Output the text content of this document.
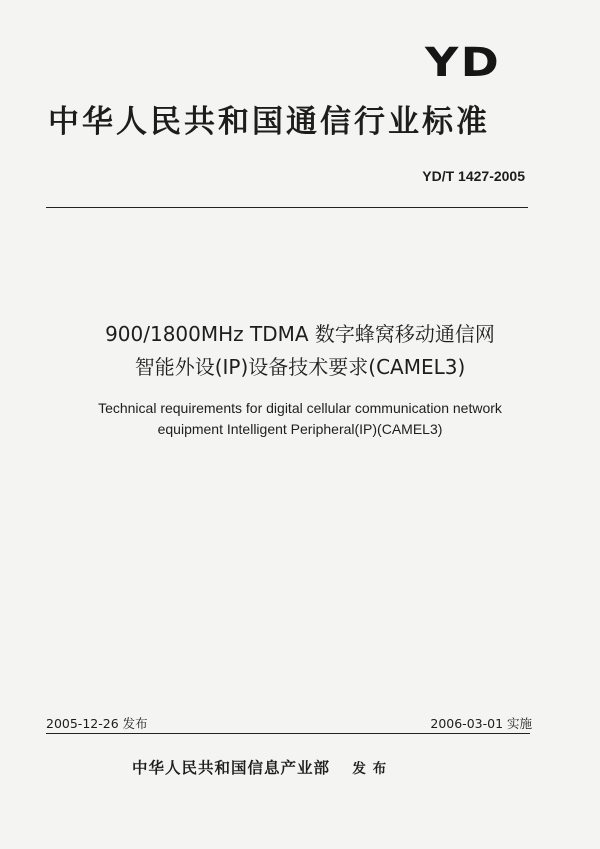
YD
中华人民共和国通信行业标准
YD/T 1427-2005
900/1800MHz TDMA 数字蜂窝移动通信网
智能外设(IP)设备技术要求(CAMEL3)
Technical requirements for digital cellular communication network
equipment Intelligent Peripheral(IP)(CAMEL3)
2005-12-26 发布	2006-03-01 实施
中华人民共和国信息产业部 发 布
